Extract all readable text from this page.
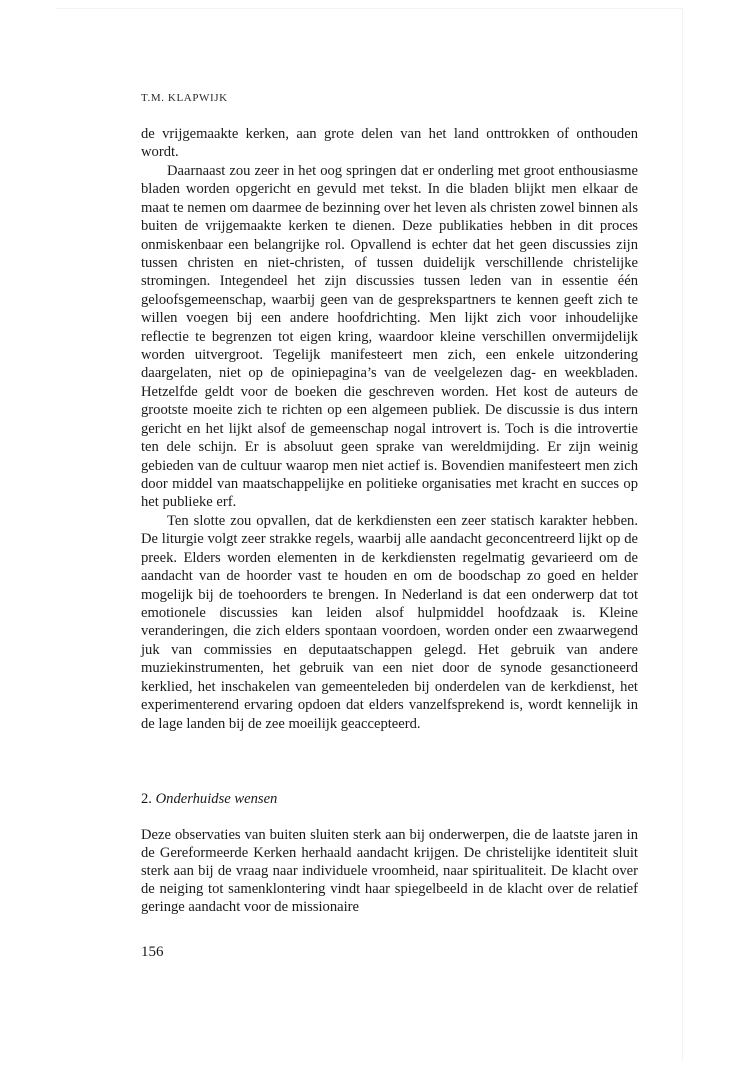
T.M. KLAPWIJK

de vrijgemaakte kerken, aan grote delen van het land onttrokken of onthouden wordt.

Daarnaast zou zeer in het oog springen dat er onderling met groot enthousiasme bladen worden opgericht en gevuld met tekst. In die bladen blijkt men elkaar de maat te nemen om daarmee de bezinning over het leven als christen zowel binnen als buiten de vrijgemaakte kerken te dienen. Deze publikaties hebben in dit proces onmiskenbaar een belangrijke rol. Opvallend is echter dat het geen discussies zijn tussen christen en niet-christen, of tussen duidelijk verschillende christelijke stromingen. Integendeel het zijn discussies tussen leden van in essentie één geloofsgemeenschap, waarbij geen van de gesprekspartners te kennen geeft zich te willen voegen bij een andere hoofdrichting. Men lijkt zich voor inhoudelijke reflectie te begrenzen tot eigen kring, waardoor kleine verschillen onvermijdelijk worden uitvergroot. Tegelijk manifesteert men zich, een enkele uitzondering daargelaten, niet op de opiniepagina’s van de veelgelezen dag- en weekbladen. Hetzelfde geldt voor de boeken die geschreven worden. Het kost de auteurs de grootste moeite zich te richten op een algemeen publiek. De discussie is dus intern gericht en het lijkt alsof de gemeenschap nogal introvert is. Toch is die introvertie ten dele schijn. Er is absoluut geen sprake van wereldmijding. Er zijn weinig gebieden van de cultuur waarop men niet actief is. Bovendien manifesteert men zich door middel van maatschappelijke en politieke organisaties met kracht en succes op het publieke erf.

Ten slotte zou opvallen, dat de kerkdiensten een zeer statisch karakter hebben. De liturgie volgt zeer strakke regels, waarbij alle aandacht geconcentreerd lijkt op de preek. Elders worden elementen in de kerkdiensten regelmatig gevarieerd om de aandacht van de hoorder vast te houden en om de boodschap zo goed en helder mogelijk bij de toehoorders te brengen. In Nederland is dat een onderwerp dat tot emotionele discussies kan leiden alsof hulpmiddel hoofdzaak is. Kleine veranderingen, die zich elders spontaan voordoen, worden onder een zwaarwegend juk van commissies en deputaatschappen gelegd. Het gebruik van andere muziekinstrumenten, het gebruik van een niet door de synode gesanctioneerd kerklied, het inschakelen van gemeenteleden bij onderdelen van de kerkdienst, het experimenterend ervaring opdoen dat elders vanzelfsprekend is, wordt kennelijk in de lage landen bij de zee moeilijk geaccepteerd.

2. Onderhuidse wensen

Deze observaties van buiten sluiten sterk aan bij onderwerpen, die de laatste jaren in de Gereformeerde Kerken herhaald aandacht krijgen. De christelijke identiteit sluit sterk aan bij de vraag naar individuele vroomheid, naar spiritualiteit. De klacht over de neiging tot samenklontering vindt haar spiegelbeeld in de klacht over de relatief geringe aandacht voor de missionaire

156
